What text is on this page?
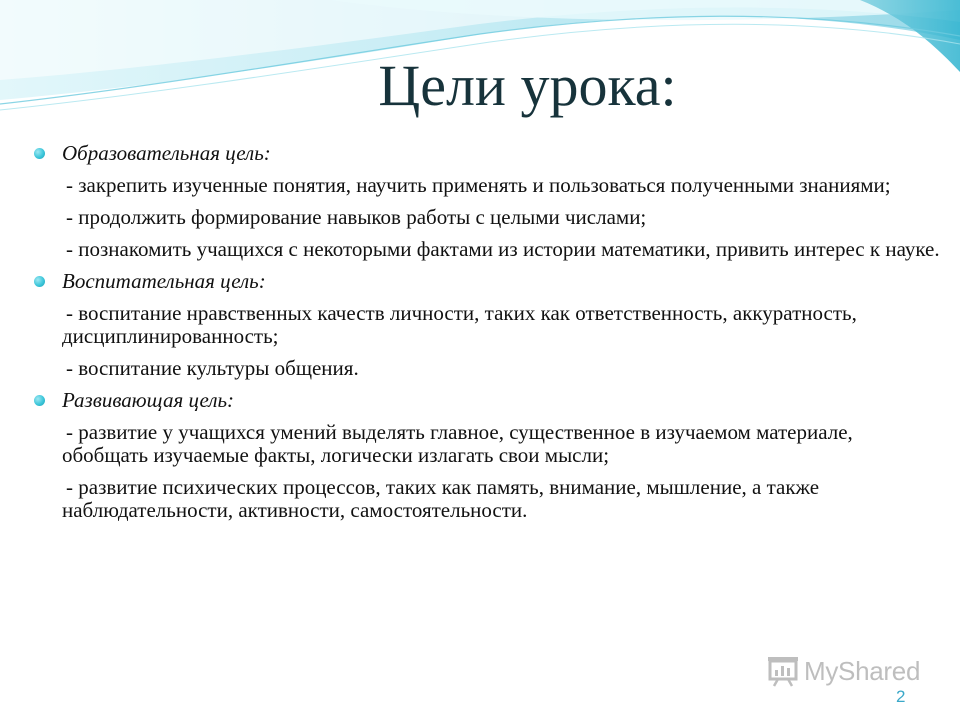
Цели урока:
Образовательная цель:
- закрепить изученные понятия, научить применять и пользоваться полученными знаниями;
- продолжить формирование навыков работы с целыми числами;
- познакомить учащихся с некоторыми фактами из истории математики, привить интерес к науке.
Воспитательная цель:
- воспитание нравственных качеств личности, таких как ответственность, аккуратность, дисциплинированность;
- воспитание культуры общения.
Развивающая цель:
- развитие у учащихся умений выделять главное, существенное в изучаемом материале, обобщать изучаемые факты, логически излагать свои мысли;
- развитие психических процессов, таких как память, внимание, мышление, а также наблюдательности, активности, самостоятельности.
MyShared
2
